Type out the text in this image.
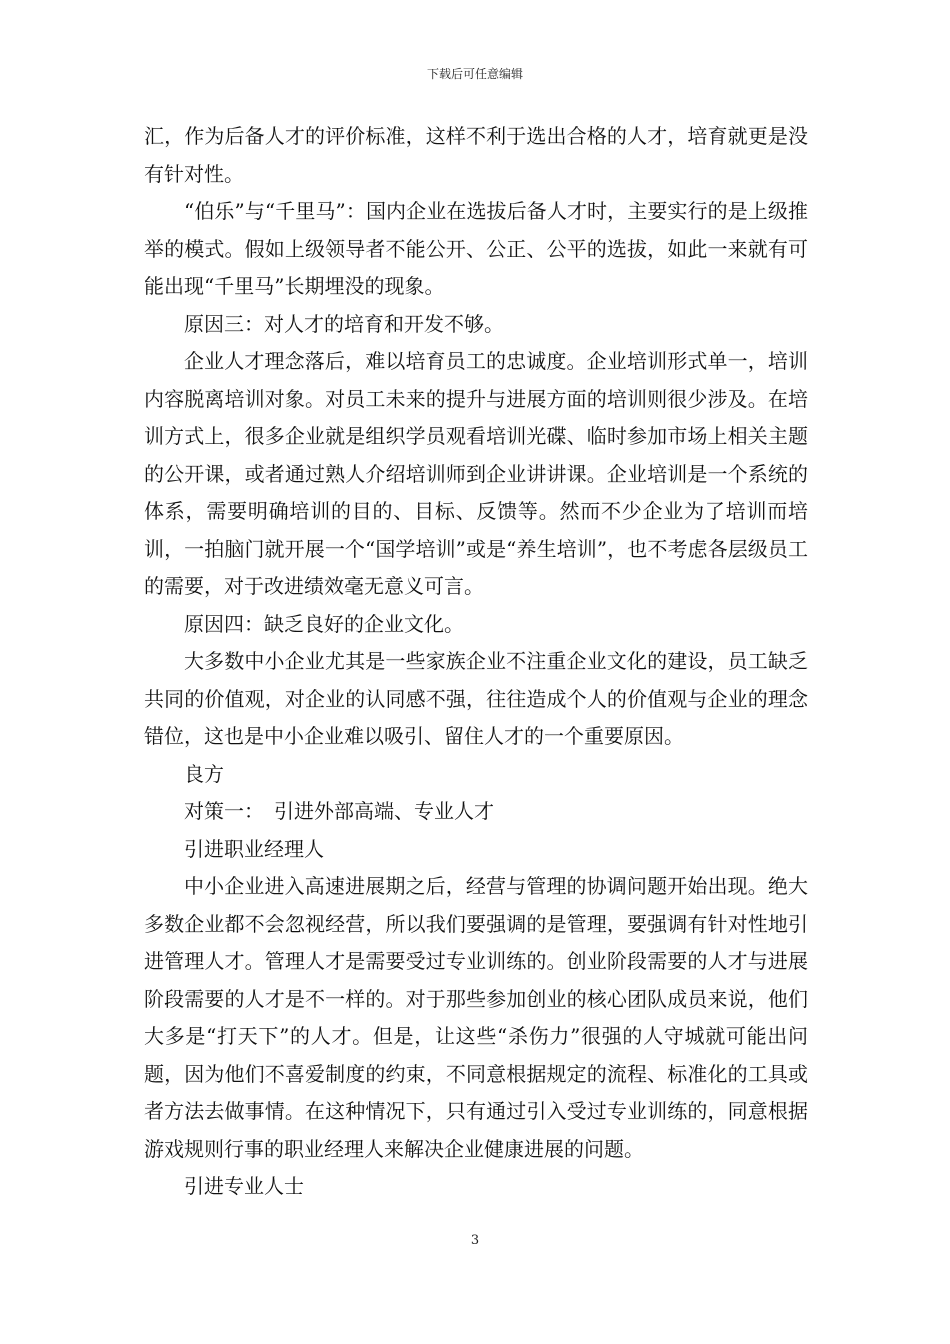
下载后可任意编辑

汇，作为后备人才的评价标准，这样不利于选出合格的人才，培育就更是没有针对性。

“伯乐”与“千里马”：国内企业在选拔后备人才时，主要实行的是上级推举的模式。假如上级领导者不能公开、公正、公平的选拔，如此一来就有可能出现“千里马”长期埋没的现象。

原因三：对人才的培育和开发不够。

企业人才理念落后，难以培育员工的忠诚度。企业培训形式单一，培训内容脱离培训对象。对员工未来的提升与进展方面的培训则很少涉及。在培训方式上，很多企业就是组织学员观看培训光碟、临时参加市场上相关主题的公开课，或者通过熟人介绍培训师到企业讲讲课。企业培训是一个系统的体系，需要明确培训的目的、目标、反馈等。然而不少企业为了培训而培训，一拍脑门就开展一个“国学培训”或是“养生培训”，也不考虑各层级员工的需要，对于改进绩效毫无意义可言。

原因四：缺乏良好的企业文化。

大多数中小企业尤其是一些家族企业不注重企业文化的建设，员工缺乏共同的价值观，对企业的认同感不强，往往造成个人的价值观与企业的理念错位，这也是中小企业难以吸引、留住人才的一个重要原因。

良方

对策一：　引进外部高端、专业人才

引进职业经理人

中小企业进入高速进展期之后，经营与管理的协调问题开始出现。绝大多数企业都不会忽视经营，所以我们要强调的是管理，要强调有针对性地引进管理人才。管理人才是需要受过专业训练的。创业阶段需要的人才与进展阶段需要的人才是不一样的。对于那些参加创业的核心团队成员来说，他们大多是“打天下”的人才。但是，让这些“杀伤力”很强的人守城就可能出问题，因为他们不喜爱制度的约束，不同意根据规定的流程、标准化的工具或者方法去做事情。在这种情况下，只有通过引入受过专业训练的，同意根据游戏规则行事的职业经理人来解决企业健康进展的问题。

引进专业人士

3
